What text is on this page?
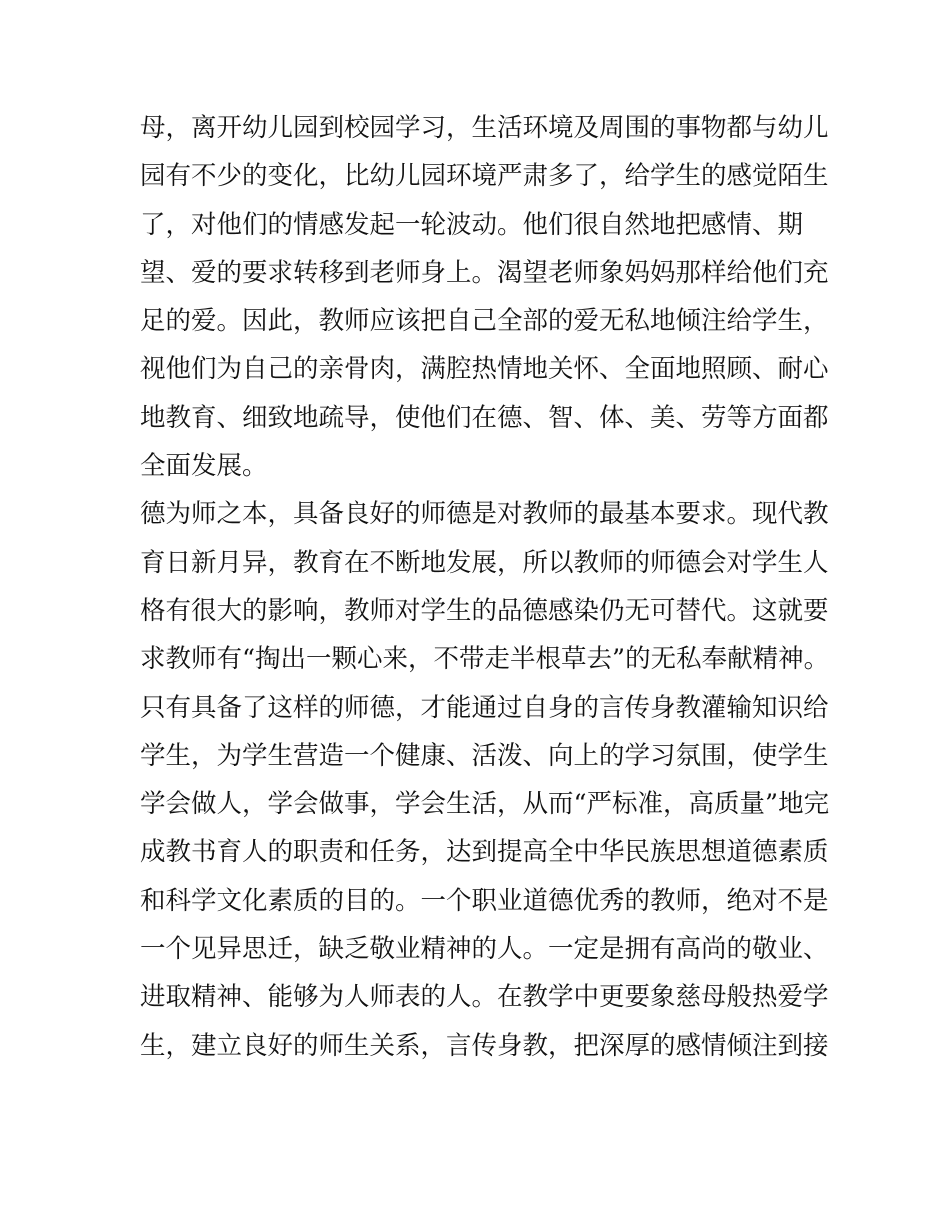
母，离开幼儿园到校园学习，生活环境及周围的事物都与幼儿
园有不少的变化，比幼儿园环境严肃多了，给学生的感觉陌生
了，对他们的情感发起一轮波动。他们很自然地把感情、期
望、爱的要求转移到老师身上。渴望老师象妈妈那样给他们充
足的爱。因此，教师应该把自己全部的爱无私地倾注给学生，
视他们为自己的亲骨肉，满腔热情地关怀、全面地照顾、耐心
地教育、细致地疏导，使他们在德、智、体、美、劳等方面都
全面发展。
德为师之本，具备良好的师德是对教师的最基本要求。现代教
育日新月异，教育在不断地发展，所以教师的师德会对学生人
格有很大的影响，教师对学生的品德感染仍无可替代。这就要
求教师有“掏出一颗心来，不带走半根草去”的无私奉献精神。
只有具备了这样的师德，才能通过自身的言传身教灌输知识给
学生，为学生营造一个健康、活泼、向上的学习氛围，使学生
学会做人，学会做事，学会生活，从而“严标准，高质量”地完
成教书育人的职责和任务，达到提高全中华民族思想道德素质
和科学文化素质的目的。一个职业道德优秀的教师，绝对不是
一个见异思迁，缺乏敬业精神的人。一定是拥有高尚的敬业、
进取精神、能够为人师表的人。在教学中更要象慈母般热爱学
生，建立良好的师生关系，言传身教，把深厚的感情倾注到接
